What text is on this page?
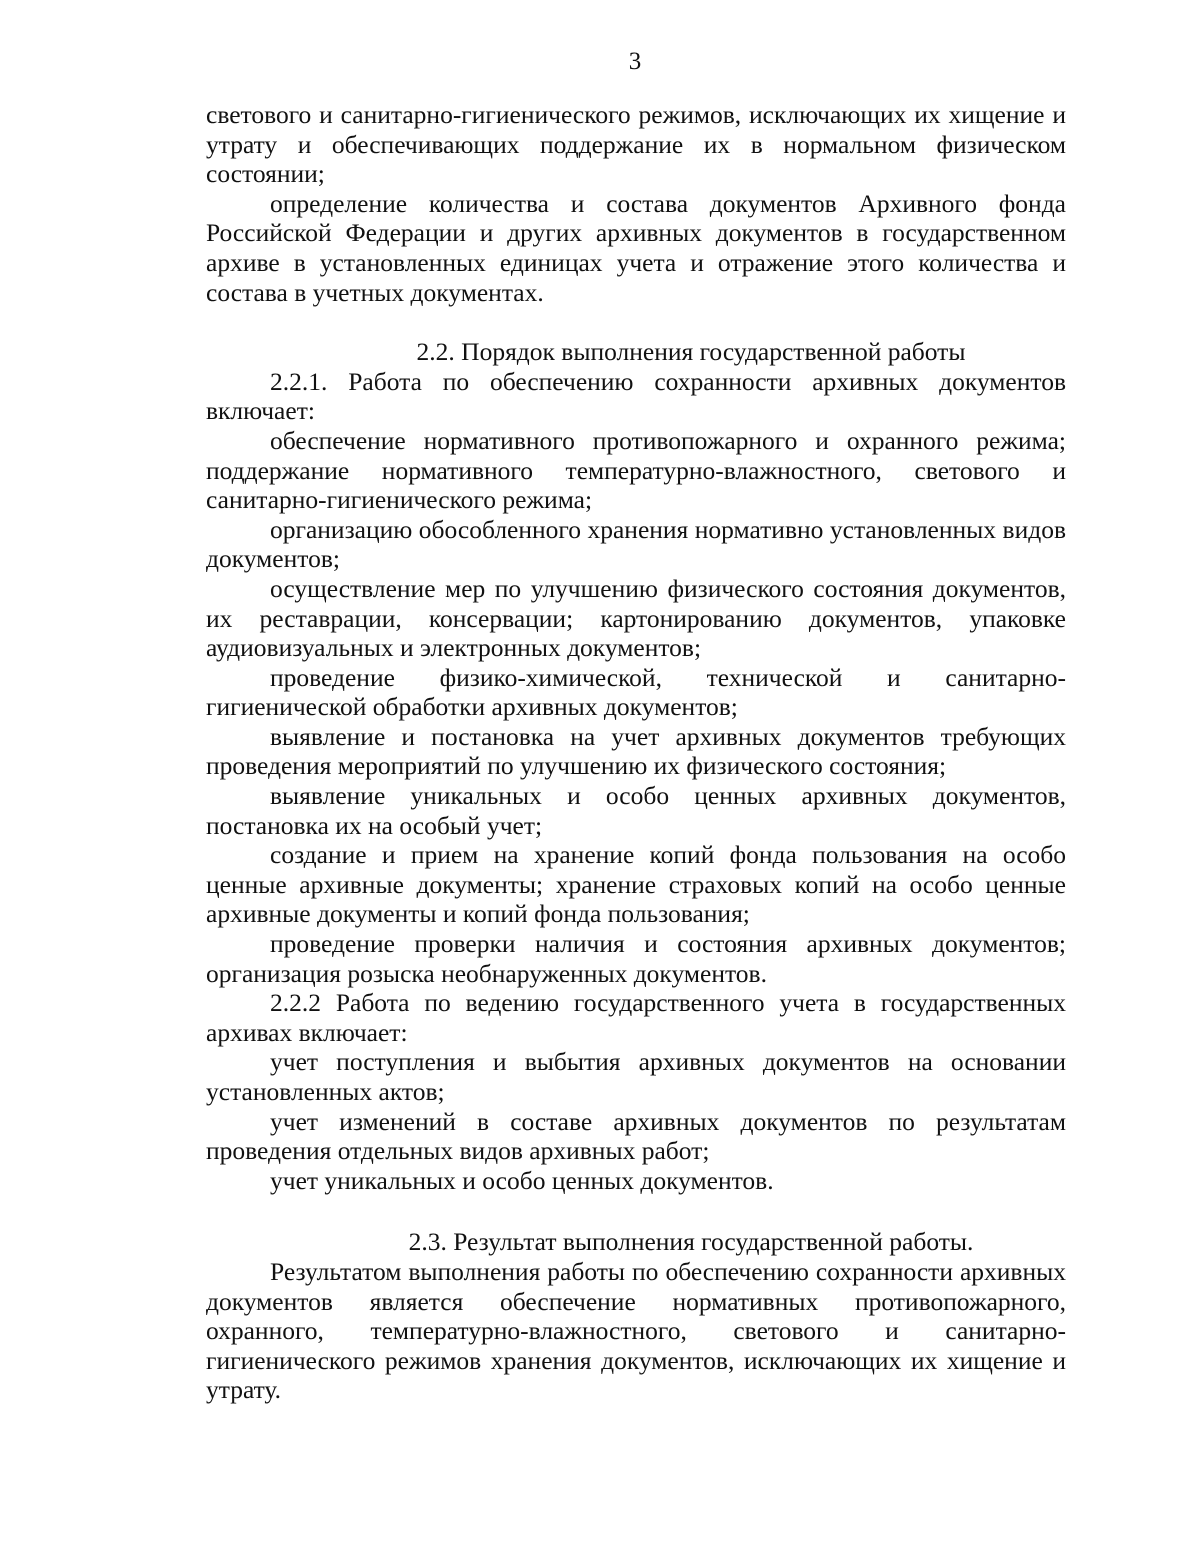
3

светового и санитарно-гигиенического режимов, исключающих их хищение и утрату и обеспечивающих поддержание их в нормальном физическом состоянии;

определение количества и состава документов Архивного фонда Российской Федерации и других архивных документов в государственном архиве в установленных единицах учета и отражение этого количества и состава в учетных документах.

2.2. Порядок выполнения государственной работы

2.2.1. Работа по обеспечению сохранности архивных документов включает:

обеспечение нормативного противопожарного и охранного режима; поддержание нормативного температурно-влажностного, светового и санитарно-гигиенического режима;

организацию обособленного хранения нормативно установленных видов документов;

осуществление мер по улучшению физического состояния документов, их реставрации, консервации; картонированию документов, упаковке аудиовизуальных и электронных документов;

проведение физико-химической, технической и санитарно-гигиенической обработки архивных документов;

выявление и постановка на учет архивных документов требующих проведения мероприятий по улучшению их физического состояния;

выявление уникальных и особо ценных архивных документов, постановка их на особый учет;

создание и прием на хранение копий фонда пользования на особо ценные архивные документы; хранение страховых копий на особо ценные архивные документы и копий фонда пользования;

проведение проверки наличия и состояния архивных документов; организация розыска необнаруженных документов.

2.2.2 Работа по ведению государственного учета в государственных архивах включает:

учет поступления и выбытия архивных документов на основании установленных актов;

учет изменений в составе архивных документов по результатам проведения отдельных видов архивных работ;

учет уникальных и особо ценных документов.

2.3. Результат выполнения государственной работы.

Результатом выполнения работы по обеспечению сохранности архивных документов является обеспечение нормативных противопожарного, охранного, температурно-влажностного, светового и санитарно-гигиенического режимов хранения документов, исключающих их хищение и утрату.
